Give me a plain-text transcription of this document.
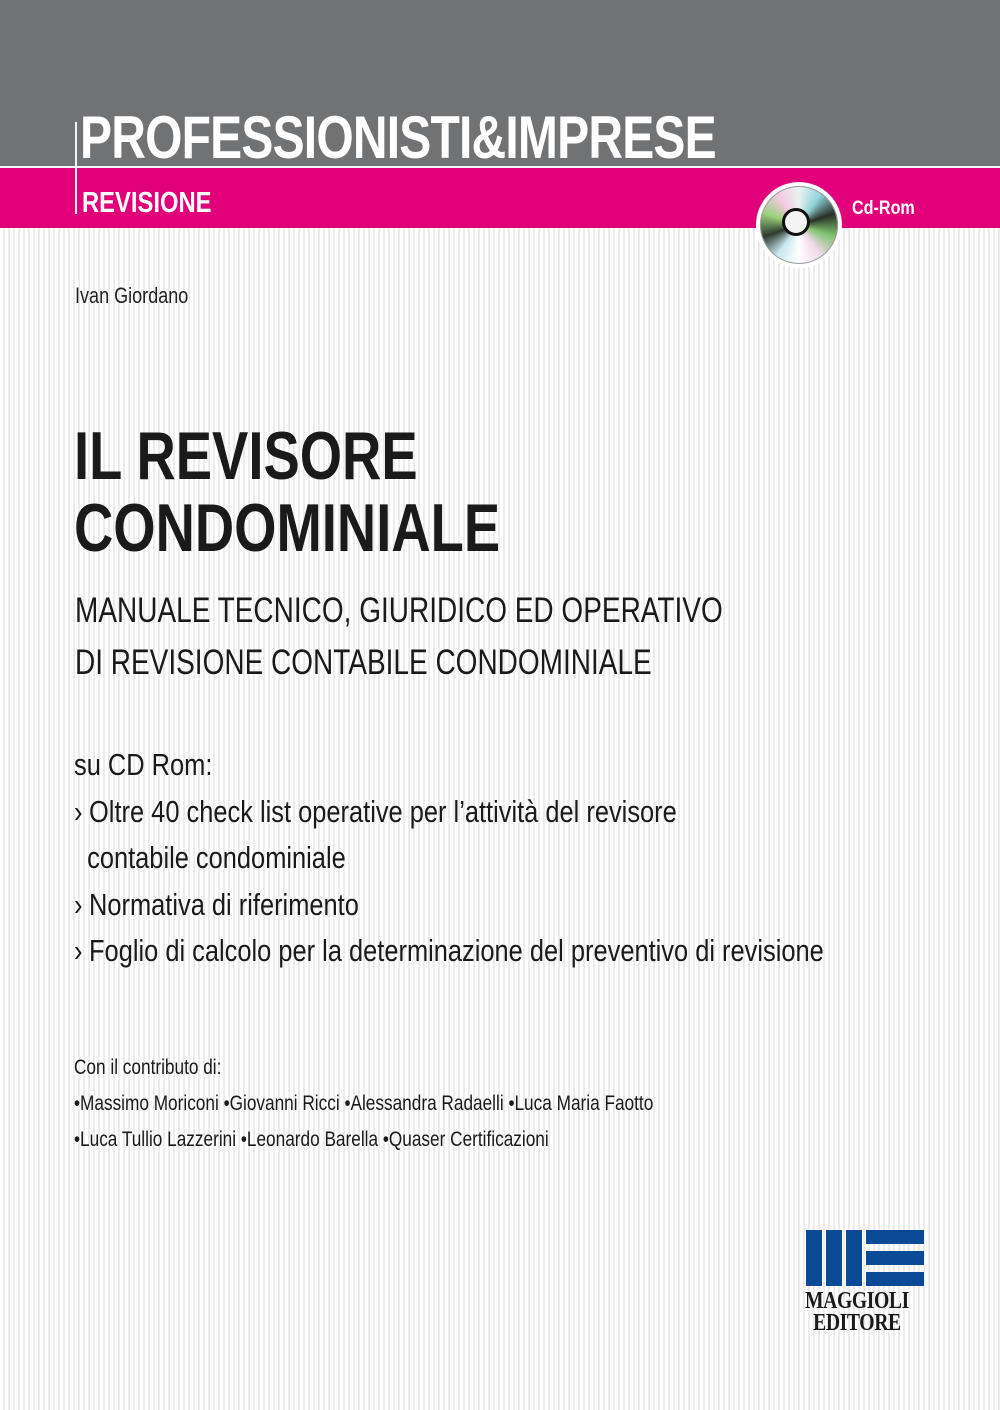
PROFESSIONISTI&IMPRESE
REVISIONE	Cd-Rom
Ivan Giordano
IL REVISORE
CONDOMINIALE
MANUALE TECNICO, GIURIDICO ED OPERATIVO
DI REVISIONE CONTABILE CONDOMINIALE
su CD Rom:
› Oltre 40 check list operative per l’attività del revisore
contabile condominiale
› Normativa di riferimento
› Foglio di calcolo per la determinazione del preventivo di revisione
Con il contributo di:
• Massimo Moriconi • Giovanni Ricci • Alessandra Radaelli • Luca Maria Faotto
• Luca Tullio Lazzerini • Leonardo Barella • Quaser Certificazioni
MAGGIOLI
EDITORE
